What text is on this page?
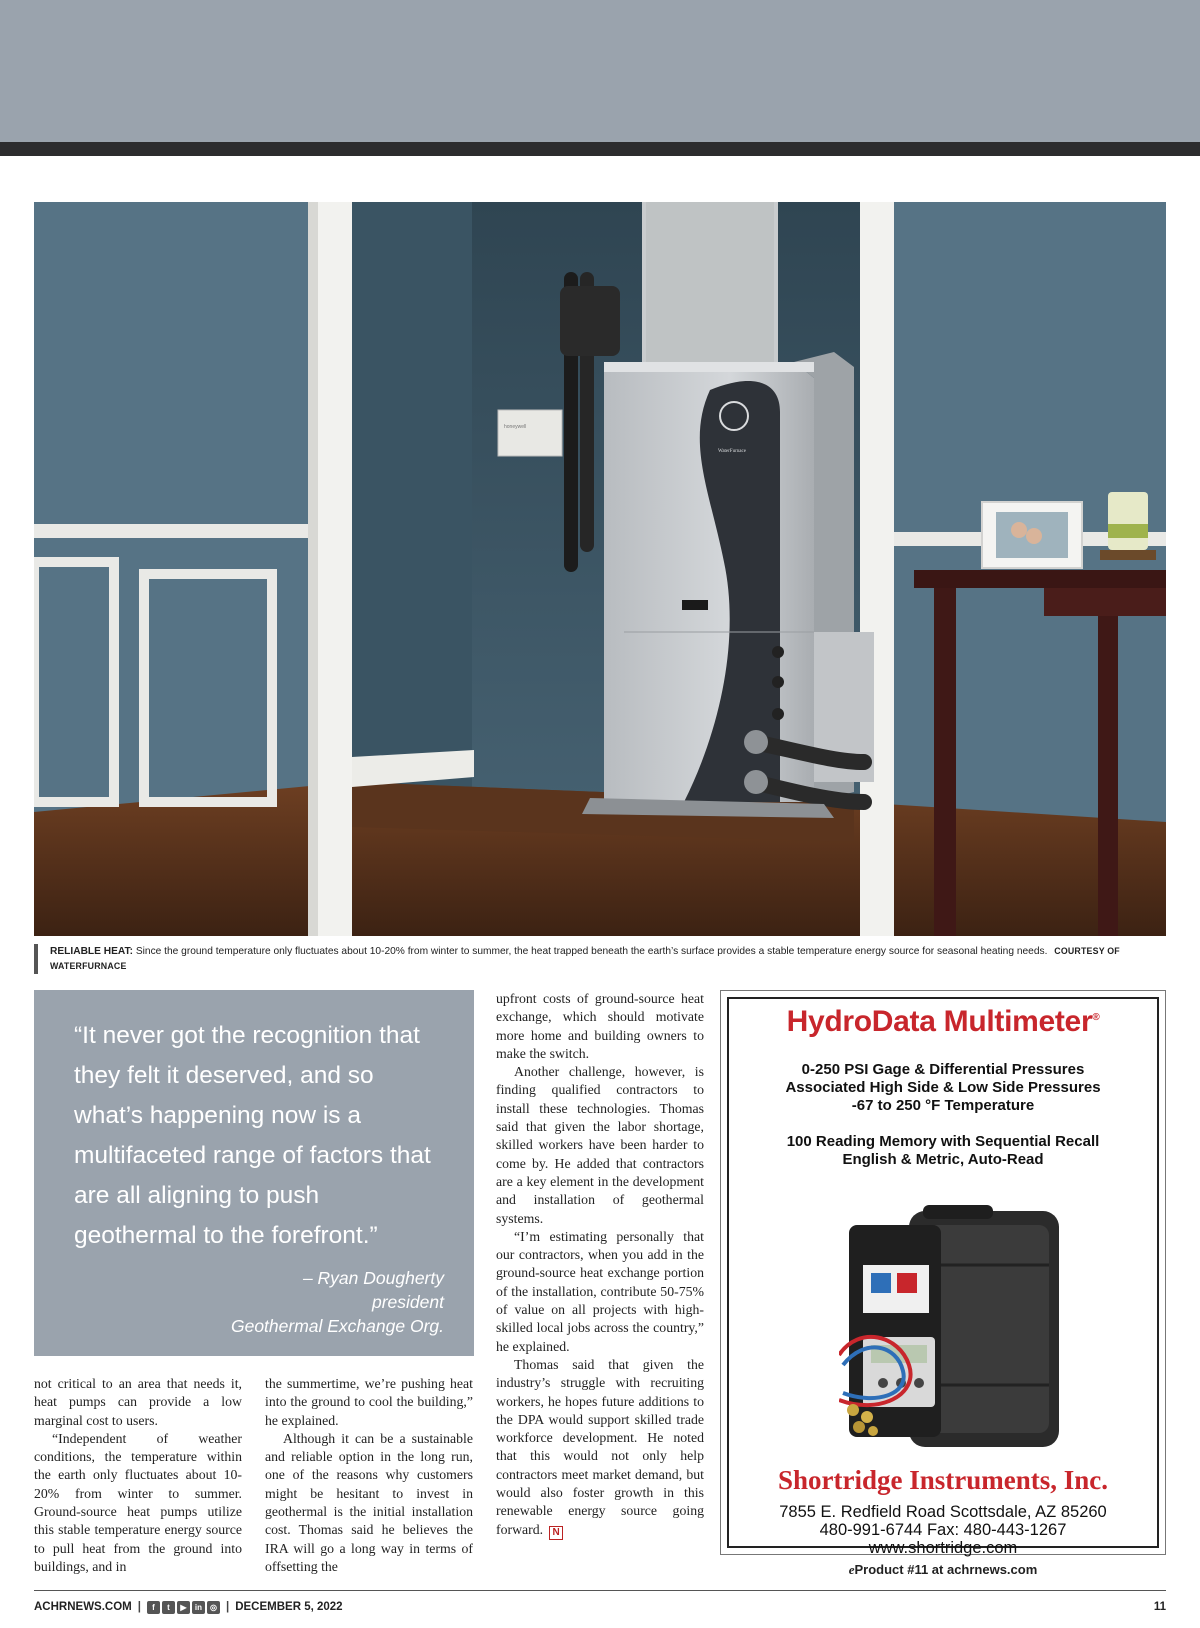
honeywell
WaterFurnace
RELIABLE HEAT: Since the ground temperature only fluctuates about 10-20% from winter to summer, the heat trapped beneath the earth’s surface provides a stable temperature energy source for seasonal heating needs. COURTESY OF WATERFURNACE
“It never got the recognition that they felt it deserved, and so what’s happening now is a multifaceted range of factors that are all aligning to push geothermal to the forefront.”
– Ryan Dougherty
president
Geothermal Exchange Org.

not critical to an area that needs it, heat pumps can provide a low marginal cost to users.

“Independent of weather conditions, the temperature within the earth only fluctuates about 10-20% from winter to summer. Ground-source heat pumps utilize this stable temperature energy source to pull heat from the ground into buildings, and in

the summertime, we’re pushing heat into the ground to cool the building,” he explained.

Although it can be a sustainable and reliable option in the long run, one of the reasons why customers might be hesitant to invest in geothermal is the initial installation cost. Thomas said he believes the IRA will go a long way in terms of offsetting the

upfront costs of ground-source heat exchange, which should motivate more home and building owners to make the switch.

Another challenge, however, is finding qualified contractors to install these technologies. Thomas said that given the labor shortage, skilled workers have been harder to come by. He added that contractors are a key element in the development and installation of geothermal systems.

“I’m estimating personally that our contractors, when you add in the ground-source heat exchange portion of the installation, contribute 50-75% of value on all projects with high-skilled local jobs across the country,” he explained.

Thomas said that given the industry’s struggle with recruiting workers, he hopes future additions to the DPA would support skilled trade workforce development. He noted that this would not only help contractors meet market demand, but would also foster growth in this renewable energy source going forward. N

HydroData Multimeter®
0-250 PSI Gage & Differential Pressures
Associated High Side & Low Side Pressures
-67 to 250 °F Temperature
100 Reading Memory with Sequential Recall
English & Metric, Auto-Read
Shortridge Instruments, Inc.
7855 E. Redfield Road Scottsdale, AZ 85260
480-991-6744 Fax: 480-443-1267
www.shortridge.com
eProduct #11 at achrnews.com
ACHRNEWS.COM |	f	t	▶	in ◎ | DECEMBER 5, 2022	11
